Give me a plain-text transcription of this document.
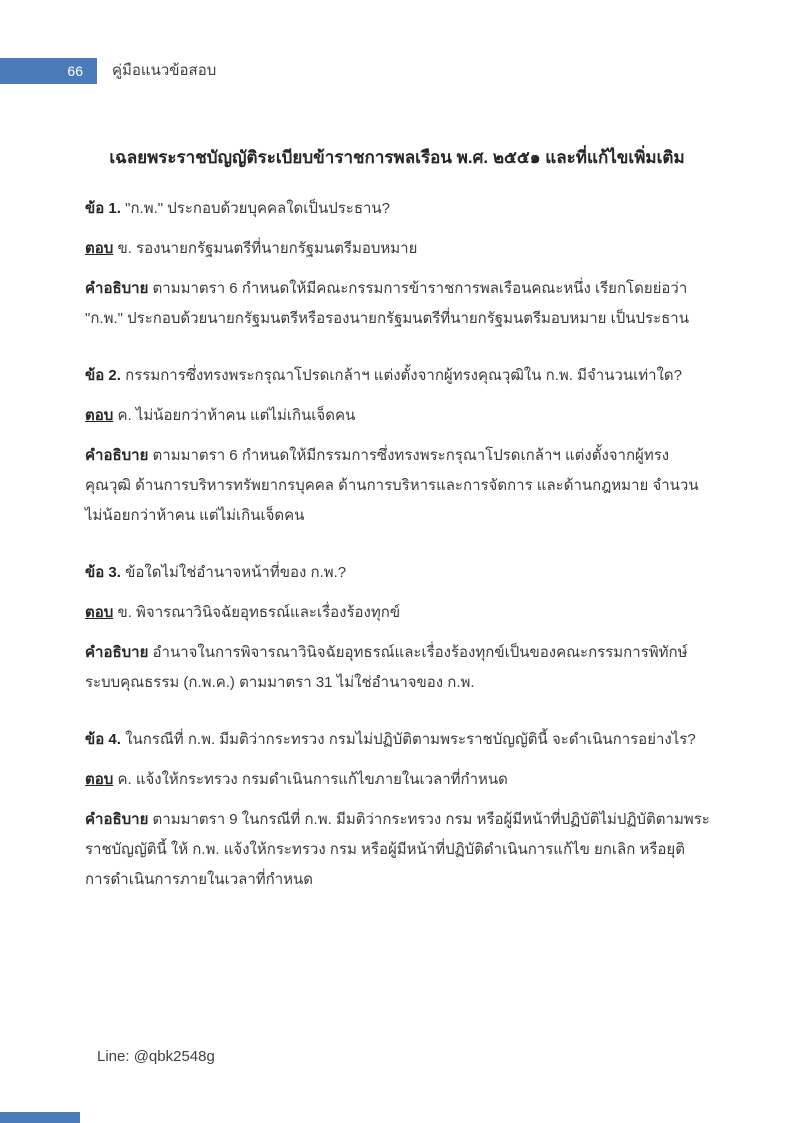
66 คู่มือแนวข้อสอบ
เฉลยพระราชบัญญัติระเบียบข้าราชการพลเรือน พ.ศ. ๒๕๕๑ และที่แก้ไขเพิ่มเติม

ข้อ 1. "ก.พ." ประกอบด้วยบุคคลใดเป็นประธาน?

ตอบ ข. รองนายกรัฐมนตรีที่นายกรัฐมนตรีมอบหมาย

คำอธิบาย ตามมาตรา 6 กำหนดให้มีคณะกรรมการข้าราชการพลเรือนคณะหนึ่ง เรียกโดยย่อว่า "ก.พ." ประกอบด้วยนายกรัฐมนตรีหรือรองนายกรัฐมนตรีที่นายกรัฐมนตรีมอบหมาย เป็นประธาน

ข้อ 2. กรรมการซึ่งทรงพระกรุณาโปรดเกล้าฯ แต่งตั้งจากผู้ทรงคุณวุฒิใน ก.พ. มีจำนวนเท่าใด?

ตอบ ค. ไม่น้อยกว่าห้าคน แต่ไม่เกินเจ็ดคน

คำอธิบาย ตามมาตรา 6 กำหนดให้มีกรรมการซึ่งทรงพระกรุณาโปรดเกล้าฯ แต่งตั้งจากผู้ทรงคุณวุฒิ ด้านการบริหารทรัพยากรบุคคล ด้านการบริหารและการจัดการ และด้านกฎหมาย จำนวนไม่น้อยกว่าห้าคน แต่ไม่เกินเจ็ดคน

ข้อ 3. ข้อใดไม่ใช่อำนาจหน้าที่ของ ก.พ.?

ตอบ ข. พิจารณาวินิจฉัยอุทธรณ์และเรื่องร้องทุกข์

คำอธิบาย อำนาจในการพิจารณาวินิจฉัยอุทธรณ์และเรื่องร้องทุกข์เป็นของคณะกรรมการพิทักษ์ระบบคุณธรรม (ก.พ.ค.) ตามมาตรา 31 ไม่ใช่อำนาจของ ก.พ.

ข้อ 4. ในกรณีที่ ก.พ. มีมติว่ากระทรวง กรมไม่ปฏิบัติตามพระราชบัญญัตินี้ จะดำเนินการอย่างไร?

ตอบ ค. แจ้งให้กระทรวง กรมดำเนินการแก้ไขภายในเวลาที่กำหนด

คำอธิบาย ตามมาตรา 9 ในกรณีที่ ก.พ. มีมติว่ากระทรวง กรม หรือผู้มีหน้าที่ปฏิบัติไม่ปฏิบัติตามพระราชบัญญัตินี้ ให้ ก.พ. แจ้งให้กระทรวง กรม หรือผู้มีหน้าที่ปฏิบัติดำเนินการแก้ไข ยกเลิก หรือยุติการดำเนินการภายในเวลาที่กำหนด

Line: @qbk2548g
